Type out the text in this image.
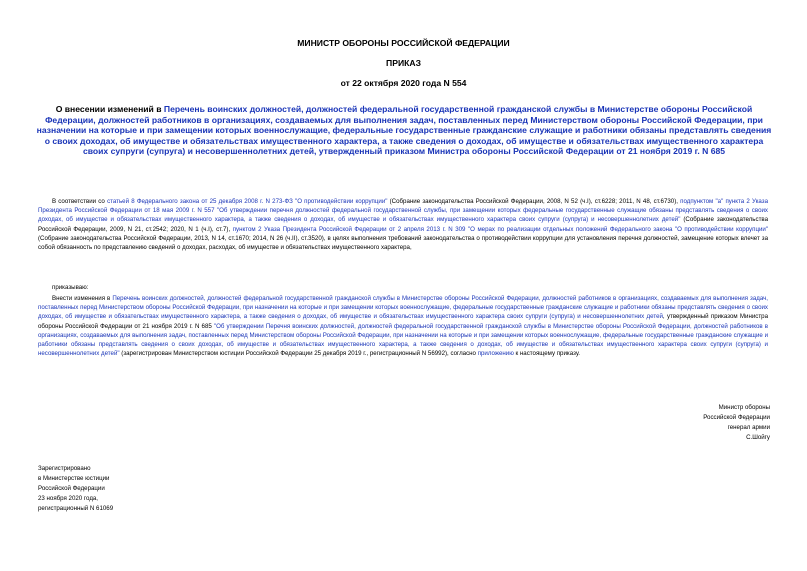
МИНИСТР ОБОРОНЫ РОССИЙСКОЙ ФЕДЕРАЦИИ
ПРИКАЗ
от 22 октября 2020 года N 554
О внесении изменений в Перечень воинских должностей, должностей федеральной государственной гражданской службы в Министерстве обороны Российской Федерации, должностей работников в организациях, создаваемых для выполнения задач, поставленных перед Министерством обороны Российской Федерации, при назначении на которые и при замещении которых военнослужащие, федеральные государственные гражданские служащие и работники обязаны представлять сведения о своих доходах, об имуществе и обязательствах имущественного характера, а также сведения о доходах, об имуществе и обязательствах имущественного характера своих супруги (супруга) и несовершеннолетних детей, утвержденный приказом Министра обороны Российской Федерации от 21 ноября 2019 г. N 685
В соответствии со статьей 8 Федерального закона от 25 декабря 2008 г. N 273-ФЗ "О противодействии коррупции" (Собрание законодательства Российской Федерации, 2008, N 52 (ч.I), ст.6228; 2011, N 48, ст.6730), подпунктом "а" пункта 2 Указа Президента Российской Федерации от 18 мая 2009 г. N 557 "Об утверждении перечня должностей федеральной государственной службы, при замещении которых федеральные государственные служащие обязаны представлять сведения о своих доходах, об имуществе и обязательствах имущественного характера, а также сведения о доходах, об имуществе и обязательствах имущественного характера своих супруги (супруга) и несовершеннолетних детей" (Собрание законодательства Российской Федерации, 2009, N 21, ст.2542; 2020, N 1 (ч.I), ст.7), пунктом 2 Указа Президента Российской Федерации от 2 апреля 2013 г. N 309 "О мерах по реализации отдельных положений Федерального закона "О противодействии коррупции" (Собрание законодательства Российской Федерации, 2013, N 14, ст.1670; 2014, N 26 (ч.II), ст.3520), в целях выполнения требований законодательства о противодействии коррупции для установления перечня должностей, замещение которых влечет за собой обязанность по представлению сведений о доходах, расходах, об имуществе и обязательствах имущественного характера,
приказываю:
Внести изменения в Перечень воинских должностей, должностей федеральной государственной гражданской службы в Министерстве обороны Российской Федерации, должностей работников в организациях, создаваемых для выполнения задач, поставленных перед Министерством обороны Российской Федерации, при назначении на которые и при замещении которых военнослужащие, федеральные государственные гражданские служащие и работники обязаны представлять сведения о своих доходах, об имуществе и обязательствах имущественного характера, а также сведения о доходах, об имуществе и обязательствах имущественного характера своих супруги (супруга) и несовершеннолетних детей, утвержденный приказом Министра обороны Российской Федерации от 21 ноября 2019 г. N 685 "Об утверждении Перечня воинских должностей, должностей федеральной государственной гражданской службы в Министерстве обороны Российской Федерации, должностей работников в организациях, создаваемых для выполнения задач, поставленных перед Министерством обороны Российской Федерации, при назначении на которые и при замещении которых военнослужащие, федеральные государственные гражданские служащие и работники обязаны представлять сведения о своих доходах, об имуществе и обязательствах имущественного характера, а также сведения о доходах, об имуществе и обязательствах имущественного характера своих супруги (супруга) и несовершеннолетних детей" (зарегистрирован Министерством юстиции Российской Федерации 25 декабря 2019 г., регистрационный N 56992), согласно приложению к настоящему приказу.
Министр обороны
Российской Федерации
генерал армии
С.Шойгу
Зарегистрировано
в Министерстве юстиции
Российской Федерации
23 ноября 2020 года,
регистрационный N 61069
